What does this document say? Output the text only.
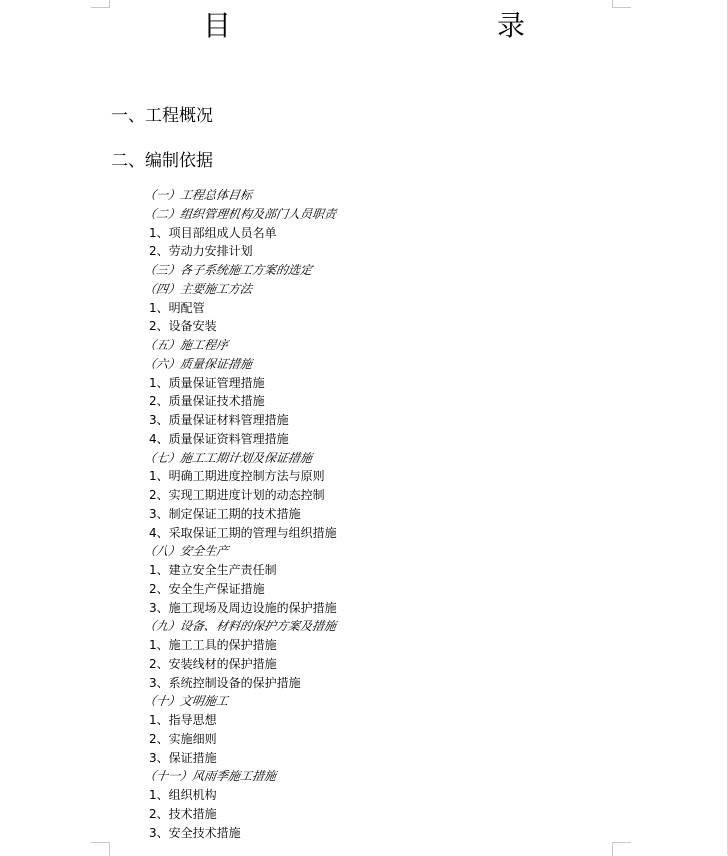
目　　录
一、工程概况
二、编制依据
（一）工程总体目标
（二）组织管理机构及部门人员职责
1、项目部组成人员名单
2、劳动力安排计划
（三）各子系统施工方案的选定
（四）主要施工方法
1、明配管
2、设备安装
（五）施工程序
（六）质量保证措施
1、质量保证管理措施
2、质量保证技术措施
3、质量保证材料管理措施
4、质量保证资料管理措施
（七）施工工期计划及保证措施
1、明确工期进度控制方法与原则
2、实现工期进度计划的动态控制
3、制定保证工期的技术措施
4、采取保证工期的管理与组织措施
（八）安全生产
1、建立安全生产责任制
2、安全生产保证措施
3、施工现场及周边设施的保护措施
（九）设备、材料的保护方案及措施
1、施工工具的保护措施
2、安装线材的保护措施
3、系统控制设备的保护措施
（十）文明施工
1、指导思想
2、实施细则
3、保证措施
（十一）风雨季施工措施
1、组织机构
2、技术措施
3、安全技术措施
